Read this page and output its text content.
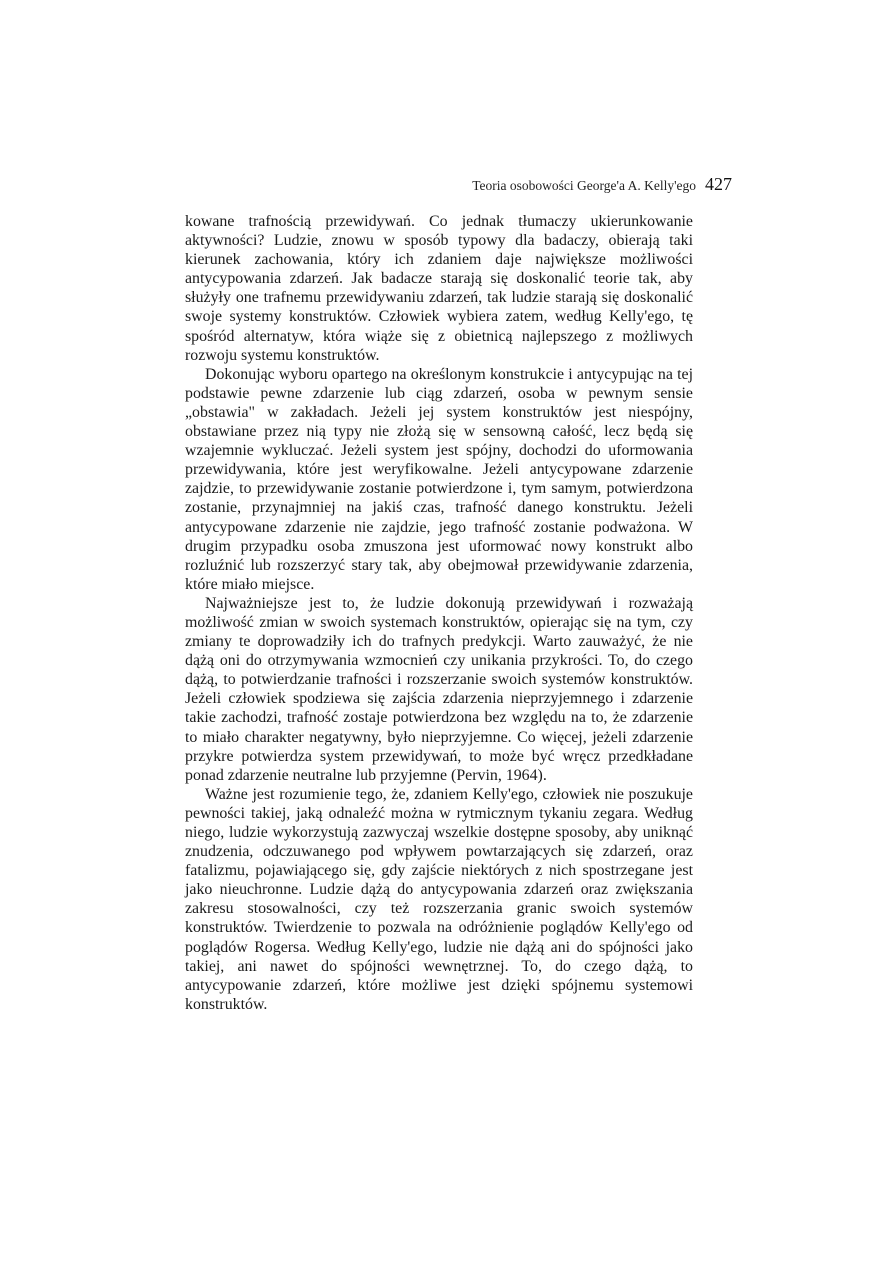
Teoria osobowości George'a A. Kelly'ego 427

kowane trafnością przewidywań. Co jednak tłumaczy ukierunkowanie aktywności? Ludzie, znowu w sposób typowy dla badaczy, obierają taki kierunek zachowania, który ich zdaniem daje największe możliwości antycypowania zdarzeń. Jak badacze starają się doskonalić teorie tak, aby służyły one trafnemu przewidywaniu zdarzeń, tak ludzie starają się doskonalić swoje systemy konstruktów. Człowiek wybiera zatem, według Kelly'ego, tę spośród alternatyw, która wiąże się z obietnicą najlepszego z możliwych rozwoju systemu konstruktów.

Dokonując wyboru opartego na określonym konstrukcie i antycypując na tej podstawie pewne zdarzenie lub ciąg zdarzeń, osoba w pewnym sensie „obstawia" w zakładach. Jeżeli jej system konstruktów jest niespójny, obstawiane przez nią typy nie złożą się w sensowną całość, lecz będą się wzajemnie wykluczać. Jeżeli system jest spójny, dochodzi do uformowania przewidywania, które jest weryfikowalne. Jeżeli antycypowane zdarzenie zajdzie, to przewidywanie zostanie potwierdzone i, tym samym, potwierdzona zostanie, przynajmniej na jakiś czas, trafność danego konstruktu. Jeżeli antycypowane zdarzenie nie zajdzie, jego trafność zostanie podważona. W drugim przypadku osoba zmuszona jest uformować nowy konstrukt albo rozluźnić lub rozszerzyć stary tak, aby obejmował przewidywanie zdarzenia, które miało miejsce.

Najważniejsze jest to, że ludzie dokonują przewidywań i rozważają możliwość zmian w swoich systemach konstruktów, opierając się na tym, czy zmiany te doprowadziły ich do trafnych predykcji. Warto zauważyć, że nie dążą oni do otrzymywania wzmocnień czy unikania przykrości. To, do czego dążą, to potwierdzanie trafności i rozszerzanie swoich systemów konstruktów. Jeżeli człowiek spodziewa się zajścia zdarzenia nieprzyjemnego i zdarzenie takie zachodzi, trafność zostaje potwierdzona bez względu na to, że zdarzenie to miało charakter negatywny, było nieprzyjemne. Co więcej, jeżeli zdarzenie przykre potwierdza system przewidywań, to może być wręcz przedkładane ponad zdarzenie neutralne lub przyjemne (Pervin, 1964).

Ważne jest rozumienie tego, że, zdaniem Kelly'ego, człowiek nie poszukuje pewności takiej, jaką odnaleźć można w rytmicznym tykaniu zegara. Według niego, ludzie wykorzystują zazwyczaj wszelkie dostępne sposoby, aby uniknąć znudzenia, odczuwanego pod wpływem powtarzających się zdarzeń, oraz fatalizmu, pojawiającego się, gdy zajście niektórych z nich spostrzegane jest jako nieuchronne. Ludzie dążą do antycypowania zdarzeń oraz zwiększania zakresu stosowalności, czy też rozszerzania granic swoich systemów konstruktów. Twierdzenie to pozwala na odróżnienie poglądów Kelly'ego od poglądów Rogersa. Według Kelly'ego, ludzie nie dążą ani do spójności jako takiej, ani nawet do spójności wewnętrznej. To, do czego dążą, to antycypowanie zdarzeń, które możliwe jest dzięki spójnemu systemowi konstruktów.
